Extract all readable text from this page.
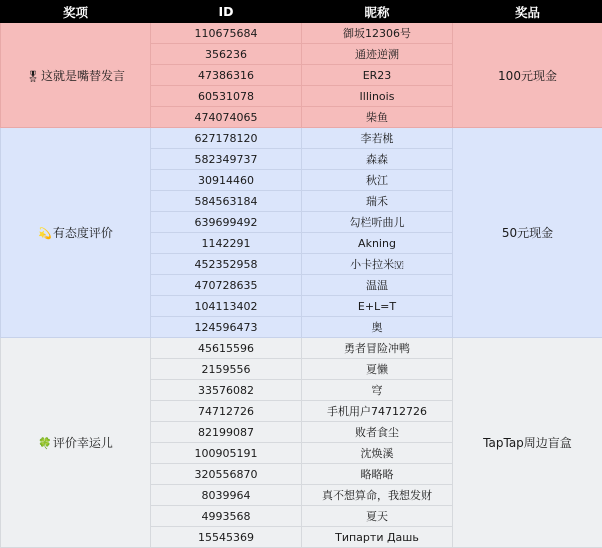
奖项	ID	昵称	奖品
🎖这就是嘴替发言	110675684	御坂12306号	100元现金
	356236	通迹逆溯	
	47386316	ER23	
	60531078	Illinois	
	474074065	柴鱼	
💫有态度评价	627178120	李若桃	50元现金
	582349737	森森	
	30914460	秋江	
	584563184	瑞禾	
	639699492	勾栏听曲儿	
	1142291	Akning	
	452352958	小卡拉米🇻	
	470728635	温温	
	104113402	E+L=T	
	124596473	奥	
🍀评价幸运儿	45615596	勇者冒险冲鸭	TapTap周边盲盒
	2159556	夏懒	
	33576082	穹	
	74712726	手机用户74712726	
	82199087	败者食尘	
	100905191	沈焕溪	
	320556870	略略略	
	8039964	真不想算命，我想发财	
	4993568	夏天	
	15545369	Типарти Дашь	
